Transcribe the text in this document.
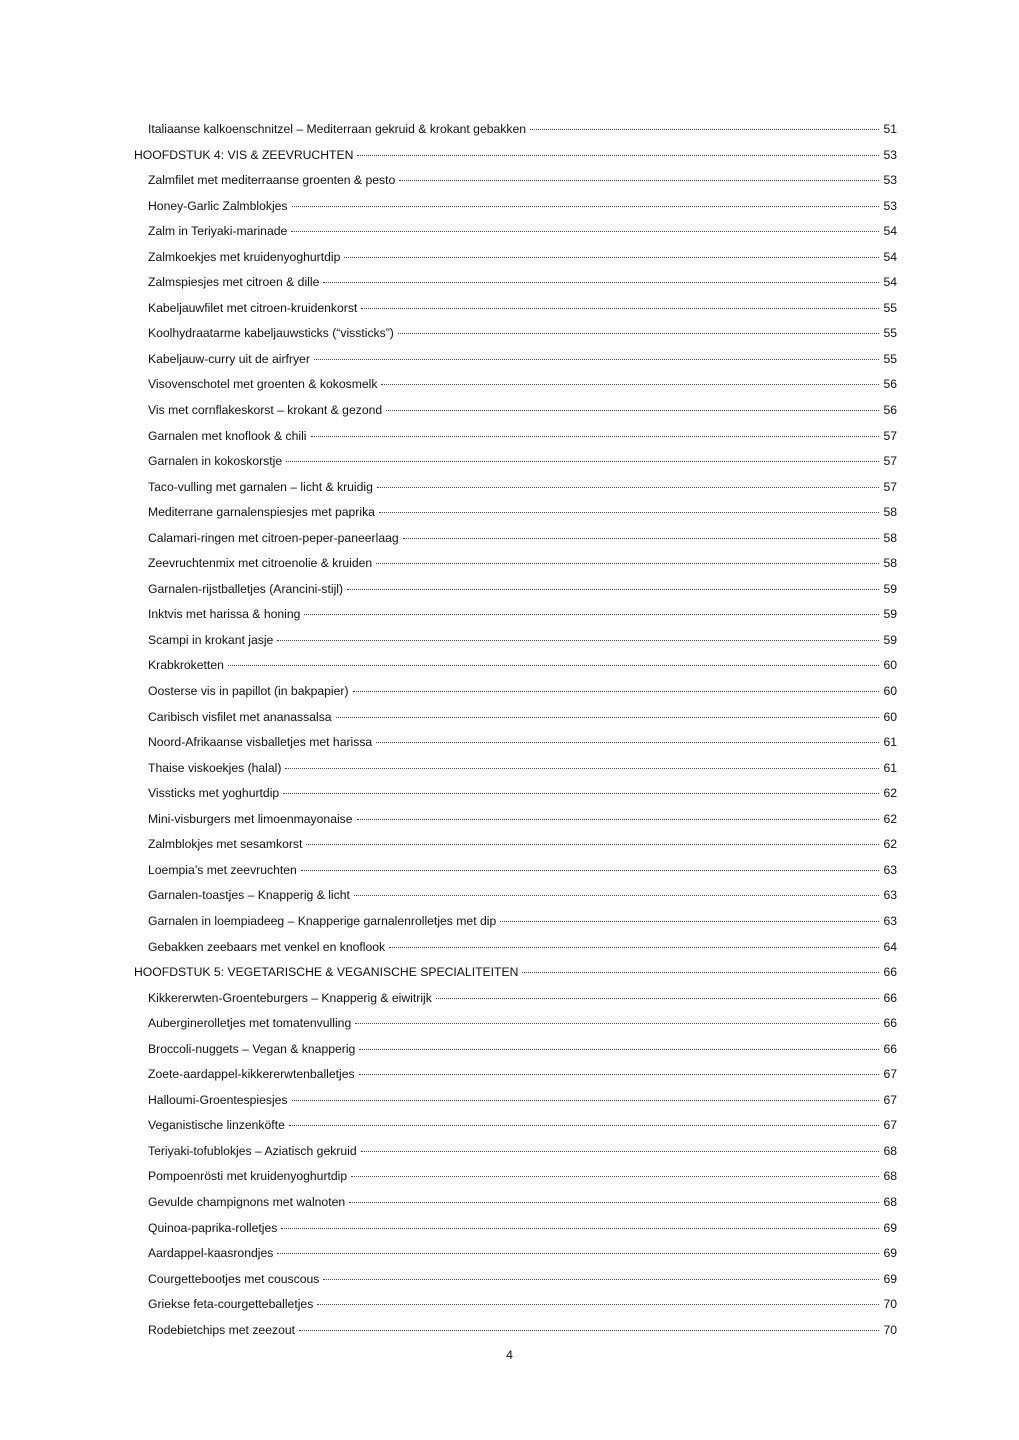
Italiaanse kalkoenschnitzel – Mediterraan gekruid & krokant gebakken	51
HOOFDSTUK 4: VIS & ZEEVRUCHTEN	53
Zalmfilet met mediterraanse groenten & pesto	53
Honey-Garlic Zalmblokjes	53
Zalm in Teriyaki-marinade	54
Zalmkoekjes met kruidenyoghurtdip	54
Zalmspiesjes met citroen & dille	54
Kabeljauwfilet met citroen-kruidenkorst	55
Koolhydraatarme kabeljauwsticks (“vissticks”)	55
Kabeljauw-curry uit de airfryer	55
Visovenschotel met groenten & kokosmelk	56
Vis met cornflakeskorst – krokant & gezond	56
Garnalen met knoflook & chili	57
Garnalen in kokoskorstje	57
Taco-vulling met garnalen – licht & kruidig	57
Mediterrane garnalenspiesjes met paprika	58
Calamari-ringen met citroen-peper-paneerlaag	58
Zeevruchtenmix met citroenolie & kruiden	58
Garnalen-rijstballetjes (Arancini-stijl)	59
Inktvis met harissa & honing	59
Scampi in krokant jasje	59
Krabkroketten	60
Oosterse vis in papillot (in bakpapier)	60
Caribisch visfilet met ananassalsa	60
Noord-Afrikaanse visballetjes met harissa	61
Thaise viskoekjes (halal)	61
Vissticks met yoghurtdip	62
Mini-visburgers met limoenmayonaise	62
Zalmblokjes met sesamkorst	62
Loempia’s met zeevruchten	63
Garnalen-toastjes – Knapperig & licht	63
Garnalen in loempiadeeg – Knapperige garnalenrolletjes met dip	63
Gebakken zeebaars met venkel en knoflook	64
HOOFDSTUK 5: VEGETARISCHE & VEGANISCHE SPECIALITEITEN	66
Kikkererwten-Groenteburgers – Knapperig & eiwitrijk	66
Auberginerolletjes met tomatenvulling	66
Broccoli-nuggets – Vegan & knapperig	66
Zoete-aardappel-kikkererwtenballetjes	67
Halloumi-Groentespiesjes	67
Veganistische linzenköfte	67
Teriyaki-tofublokjes – Aziatisch gekruid	68
Pompoenrösti met kruidenyoghurtdip	68
Gevulde champignons met walnoten	68
Quinoa-paprika-rolletjes	69
Aardappel-kaasrondjes	69
Courgettebootjes met couscous	69
Griekse feta-courgetteballetjes	70
Rodebietchips met zeezout	70
4
